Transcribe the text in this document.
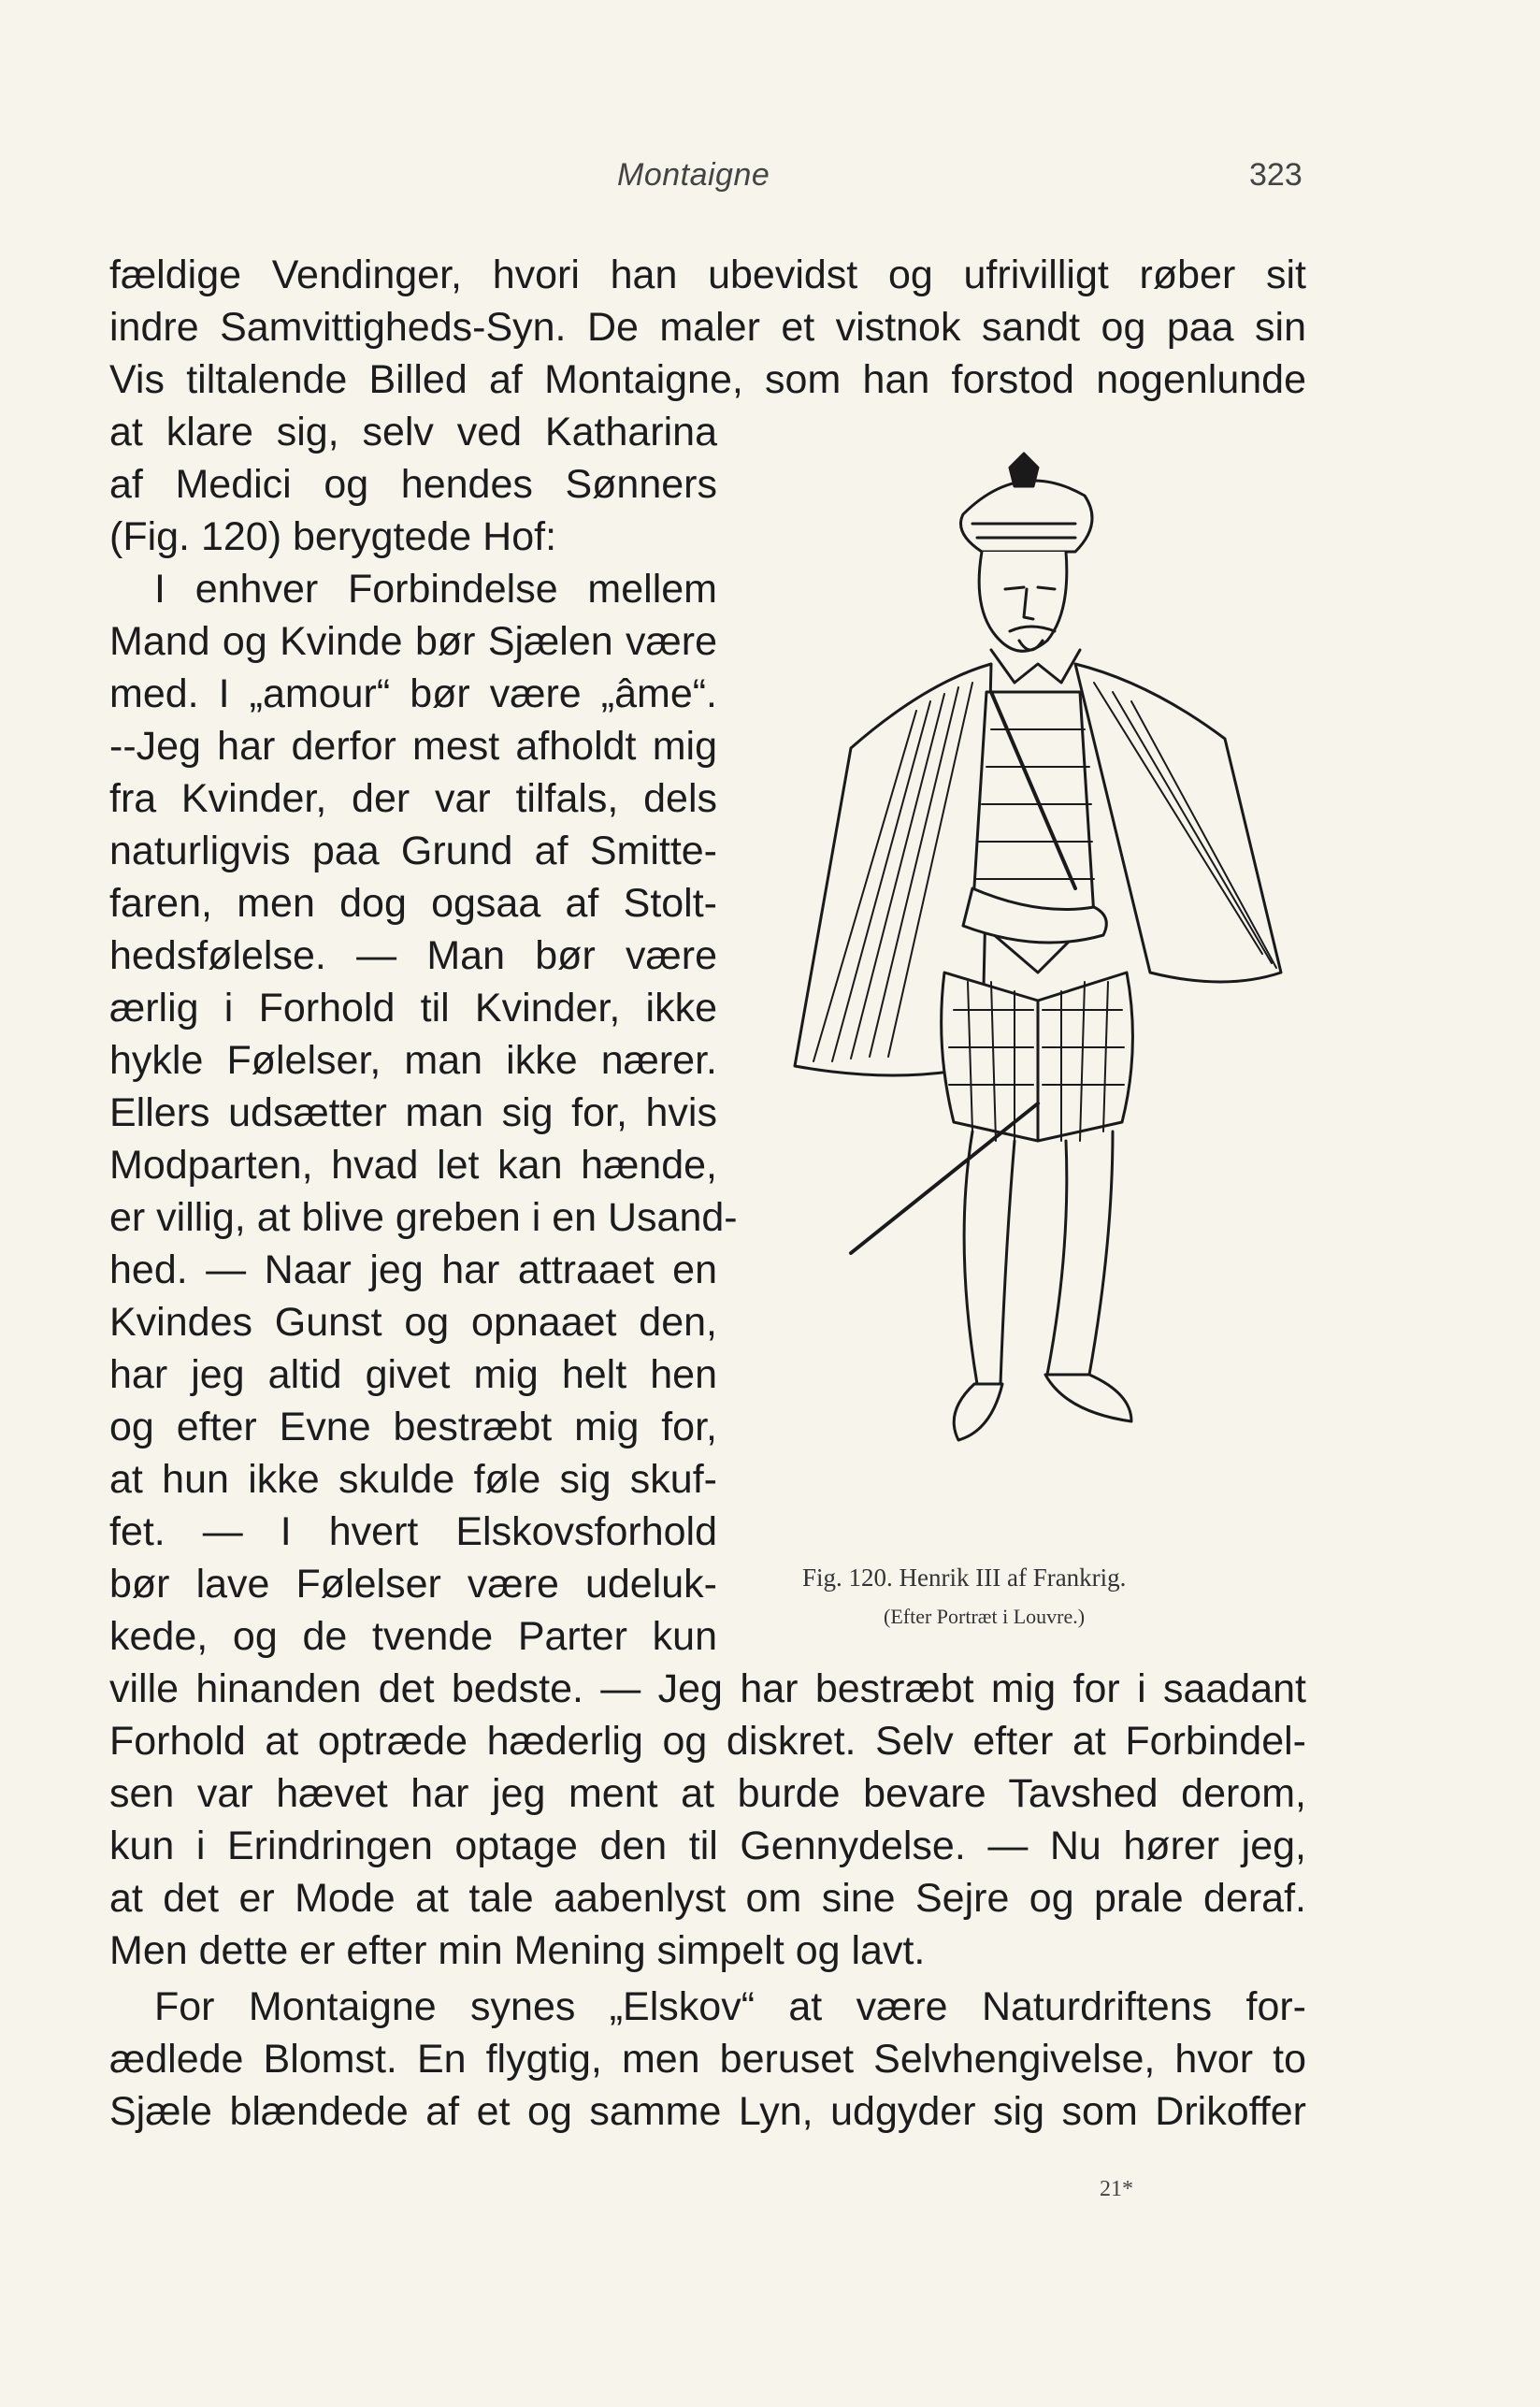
Montaigne	323
fældige Vendinger, hvori han ubevidst og ufrivilligt røber sit
indre Samvittigheds-Syn. De maler et vistnok sandt og paa sin
Vis tiltalende Billed af Montaigne, som han forstod nogenlunde
at klare sig, selv ved Katharina
af Medici og hendes Sønners
(Fig. 120) berygtede Hof:
I enhver Forbindelse mellem
Mand og Kvinde bør Sjælen være
med. I „amour“ bør være „âme“.
--Jeg har derfor mest afholdt mig
fra Kvinder, der var tilfals, dels
naturligvis paa Grund af Smitte-
faren, men dog ogsaa af Stolt-
hedsfølelse. — Man bør være
ærlig i Forhold til Kvinder, ikke
hykle Følelser, man ikke nærer.
Ellers udsætter man sig for, hvis
Modparten, hvad let kan hænde,
er villig, at blive greben i en Usand-
hed. — Naar jeg har attraaet en
Kvindes Gunst og opnaaet den,
har jeg altid givet mig helt hen
og efter Evne bestræbt mig for,
at hun ikke skulde føle sig skuf-
fet. — I hvert Elskovsforhold
bør lave Følelser være udeluk-
kede, og de tvende Parter kun
ville hinanden det bedste. — Jeg har bestræbt mig for i saadant
Forhold at optræde hæderlig og diskret. Selv efter at Forbindel-
sen var hævet har jeg ment at burde bevare Tavshed derom,
kun i Erindringen optage den til Gennydelse. — Nu hører jeg,
at det er Mode at tale aabenlyst om sine Sejre og prale deraf.
Men dette er efter min Mening simpelt og lavt.
For Montaigne synes „Elskov“ at være Naturdriftens for-
ædlede Blomst. En flygtig, men beruset Selvhengivelse, hvor to
Sjæle blændede af et og samme Lyn, udgyder sig som Drikoffer
Fig. 120. Henrik III af Frankrig.
(Efter Portræt i Louvre.)
21*
